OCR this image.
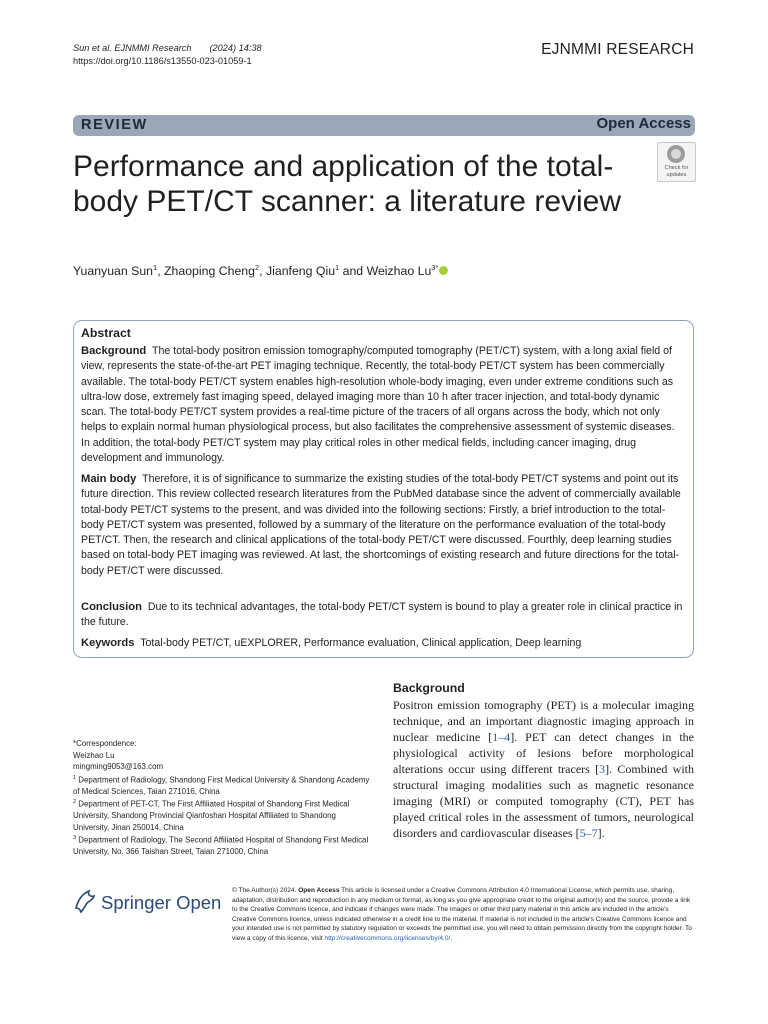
Sun et al. EJNMMI Research (2024) 14:38
https://doi.org/10.1186/s13550-023-01059-1
EJNMMI RESEARCH
REVIEW	Open Access
Performance and application of the total-body PET/CT scanner: a literature review
Check for
updates
Yuanyuan Sun$^1$, Zhaoping Cheng$^2$, Jianfeng Qiu$^1$ and Weizhao $Lu^{3*}$
Abstract
Background The total-body positron emission tomography/computed tomography (PET/CT) system, with a long axial field of view, represents the state-of-the-art PET imaging technique. Recently, the total-body PET/CT system has been commercially available. The total-body PET/CT system enables high-resolution whole-body imaging, even under extreme conditions such as ultra-low dose, extremely fast imaging speed, delayed imaging more than 10 h after tracer injection, and total-body dynamic scan. The total-body PET/CT system provides a real-time picture of the tracers of all organs across the body, which not only helps to explain normal human physiological process, but also facilitates the comprehensive assessment of systemic diseases. In addition, the total-body PET/CT system may play critical roles in other medical fields, including cancer imaging, drug development and immunology.
Main body Therefore, it is of significance to summarize the existing studies of the total-body PET/CT systems and point out its future direction. This review collected research literatures from the PubMed database since the advent of commercially available total-body PET/CT systems to the present, and was divided into the following sections: Firstly, a brief introduction to the total-body PET/CT system was presented, followed by a summary of the literature on the performance evaluation of the total-body PET/CT. Then, the research and clinical applications of the total-body PET/CT were discussed. Fourthly, deep learning studies based on total-body PET imaging was reviewed. At last, the shortcomings of existing research and future directions for the total-body PET/CT were discussed.
Conclusion Due to its technical advantages, the total-body PET/CT system is bound to play a greater role in clinical practice in the future.
Keywords Total-body PET/CT, uEXPLORER, Performance evaluation, Clinical application, Deep learning
Background
Positron emission tomography (PET) is a molecular imaging technique, and an important diagnostic imaging approach in nuclear medicine [1–4]. PET can detect changes in the physiological activity of lesions before morphological alterations occur using different tracers [3]. Combined with structural imaging modalities such as magnetic resonance imaging (MRI) or computed tomography (CT), PET has played critical roles in the assessment of tumors, neurological disorders and cardiovascular diseases [5–7].
*Correspondence:
Weizhao Lu
mingming9053@163.com
$^1$ Department of Radiology, Shandong First Medical University & Shandong Academy of Medical Sciences, Taian 271016, China
$^2$ Department of PET-CT, The First Affiliated Hospital of Shandong First Medical University, Shandong Provincial Qianfoshan Hospital Affiliated to Shandong University, Jinan 250014, China
$^3$ Department of Radiology, The Second Affiliated Hospital of Shandong First Medical University, No. 366 Taishan Street, Taian 271000, China
Springer Open
© The Author(s) 2024. Open Access This article is licensed under a Creative Commons Attribution 4.0 International License, which permits use, sharing, adaptation, distribution and reproduction in any medium or format, as long as you give appropriate credit to the original author(s) and the source, provide a link to the Creative Commons licence, and indicate if changes were made. The images or other third party material in this article are included in the article's Creative Commons licence, unless indicated otherwise in a credit line to the material. If material is not included in the article's Creative Commons licence and your intended use is not permitted by statutory regulation or exceeds the permitted use, you will need to obtain permission directly from the copyright holder. To view a copy of this licence, visit http://creativecommons.org/licenses/by/4.0/.
